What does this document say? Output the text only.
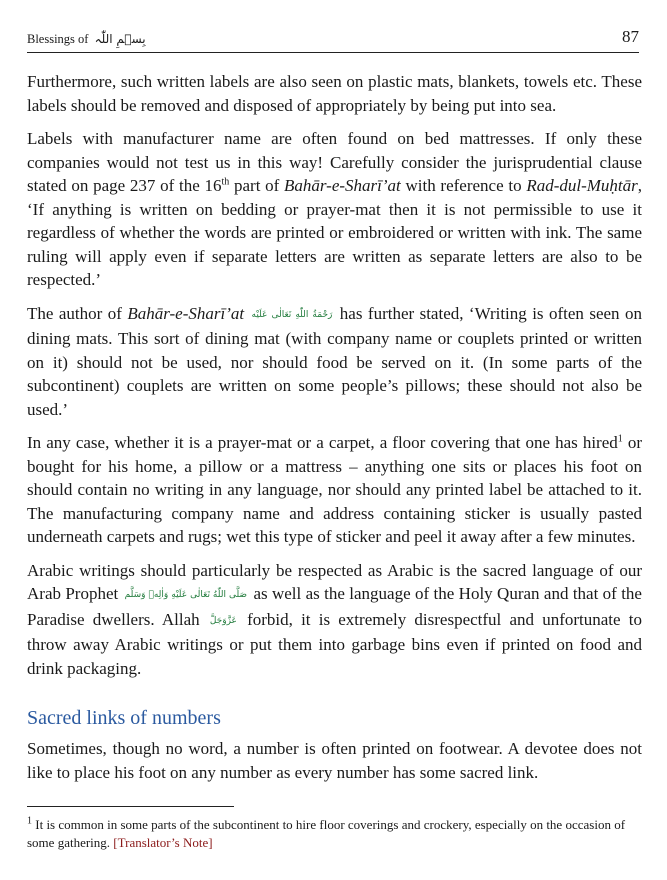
Blessings of بِسۡمِ اللّٰہ	87

Furthermore, such written labels are also seen on plastic mats, blankets, towels etc. These labels should be removed and disposed of appropriately by being put into sea.

Labels with manufacturer name are often found on bed mattresses. If only these companies would not test us in this way! Carefully consider the jurisprudential clause stated on page 237 of the 16th part of Bahār-e-Sharī’at with reference to Rad-dul-Muḥtār, ‘If anything is written on bedding or prayer-mat then it is not permissible to use it regardless of whether the words are printed or embroidered or written with ink. The same ruling will apply even if separate letters are written as separate letters are also to be respected.’

The author of Bahār-e-Sharī’at رَحْمَةُ اللّٰهِ تَعَالٰی عَلَیْه has further stated, ‘Writing is often seen on dining mats. This sort of dining mat (with company name or couplets printed or written on it) should not be used, nor should food be served on it. (In some parts of the subcontinent) couplets are written on some people’s pillows; these should not also be used.’

In any case, whether it is a prayer-mat or a carpet, a floor covering that one has hired$^1$ or bought for his home, a pillow or a mattress – anything one sits or places his foot on should contain no writing in any language, nor should any printed label be attached to it. The manufacturing company name and address containing sticker is usually pasted underneath carpets and rugs; wet this type of sticker and peel it away after a few minutes.

Arabic writings should particularly be respected as Arabic is the sacred language of our Arab Prophet صَلَّی اللّٰهُ تَعَالٰی عَلَیْهِ وَاٰلِهٖ وَسَلَّم as well as the language of the Holy Quran and that of the Paradise dwellers. Allah عَزَّوَجَلَّ forbid, it is extremely disrespectful and unfortunate to throw away Arabic writings or put them into garbage bins even if printed on food and drink packaging.

Sacred links of numbers

Sometimes, though no word, a number is often printed on footwear. A devotee does not like to place his foot on any number as every number has some sacred link.

$^1$ It is common in some parts of the subcontinent to hire floor coverings and crockery, especially on the occasion of some gathering. [Translator’s Note]
